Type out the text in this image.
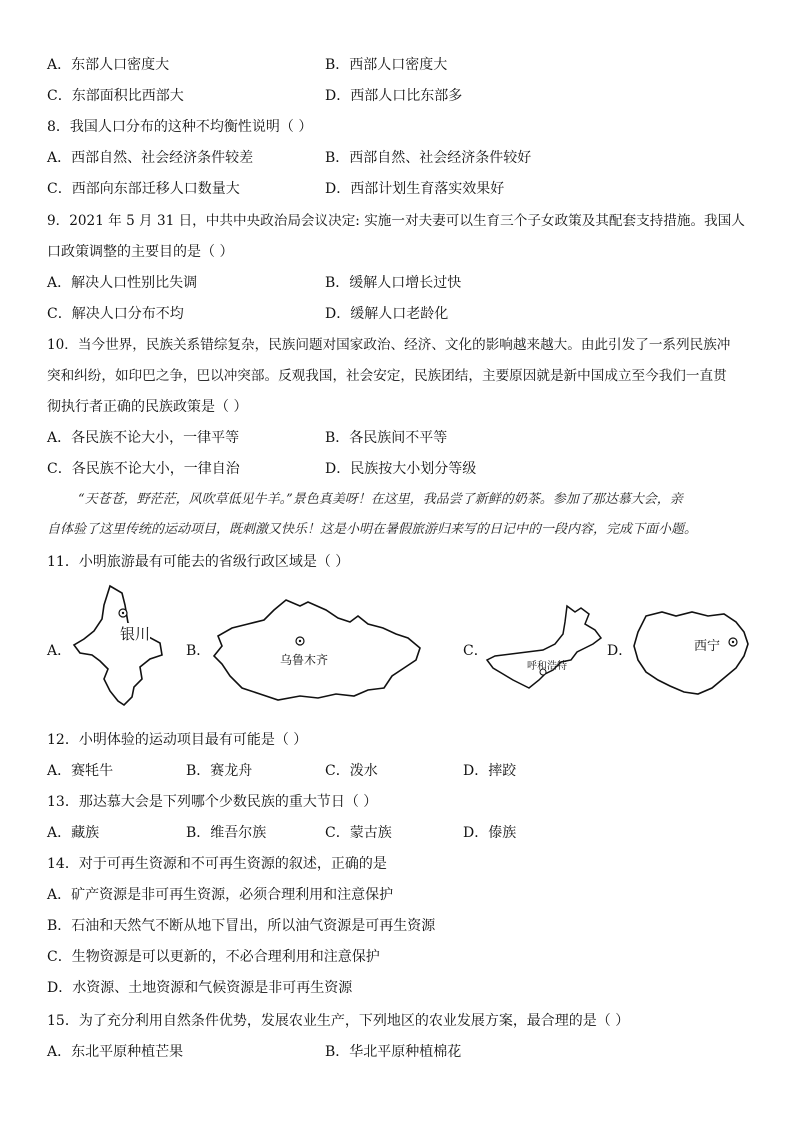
A．东部人口密度大	B．西部人口密度大
C．东部面积比西部大	D．西部人口比东部多
8．我国人口分布的这种不均衡性说明（ ）
A．西部自然、社会经济条件较差	B．西部自然、社会经济条件较好
C．西部向东部迁移人口数量大	D．西部计划生育落实效果好
9．2021 年 5 月 31 日，中共中央政治局会议决定: 实施一对夫妻可以生育三个子女政策及其配套支持措施。我国人
口政策调整的主要目的是（ ）
A．解决人口性别比失调	B．缓解人口增长过快
C．解决人口分布不均	D．缓解人口老龄化
10．当今世界，民族关系错综复杂，民族问题对国家政治、经济、文化的影响越来越大。由此引发了一系列民族冲
突和纠纷，如印巴之争，巴以冲突部。反观我国，社会安定，民族团结，主要原因就是新中国成立至今我们一直贯
彻执行者正确的民族政策是（ ）
A．各民族不论大小，一律平等	B．各民族间不平等
C．各民族不论大小，一律自治	D．民族按大小划分等级
“天苍苍，野茫茫，风吹草低见牛羊。”景色真美呀！在这里，我品尝了新鲜的奶茶。参加了那达慕大会，亲
自体验了这里传统的运动项目，既刺激又快乐！这是小明在暑假旅游归来写的日记中的一段内容，完成下面小题。
11．小明旅游最有可能去的省级行政区域是（ ）
A．	B．	C．	D．
银川
乌鲁木齐	呼和浩特
西宁
12．小明体验的运动项目最有可能是（ ）
A．赛牦牛	B．赛龙舟	C．泼水	D．摔跤
13．那达慕大会是下列哪个少数民族的重大节日（ ）
A．藏族	B．维吾尔族	C．蒙古族	D．傣族
14．对于可再生资源和不可再生资源的叙述，正确的是
A．矿产资源是非可再生资源，必须合理利用和注意保护
B．石油和天然气不断从地下冒出，所以油气资源是可再生资源
C．生物资源是可以更新的，不必合理利用和注意保护
D．水资源、土地资源和气候资源是非可再生资源
15．为了充分利用自然条件优势，发展农业生产，下列地区的农业发展方案，最合理的是（ ）
A．东北平原种植芒果	B．华北平原种植棉花
